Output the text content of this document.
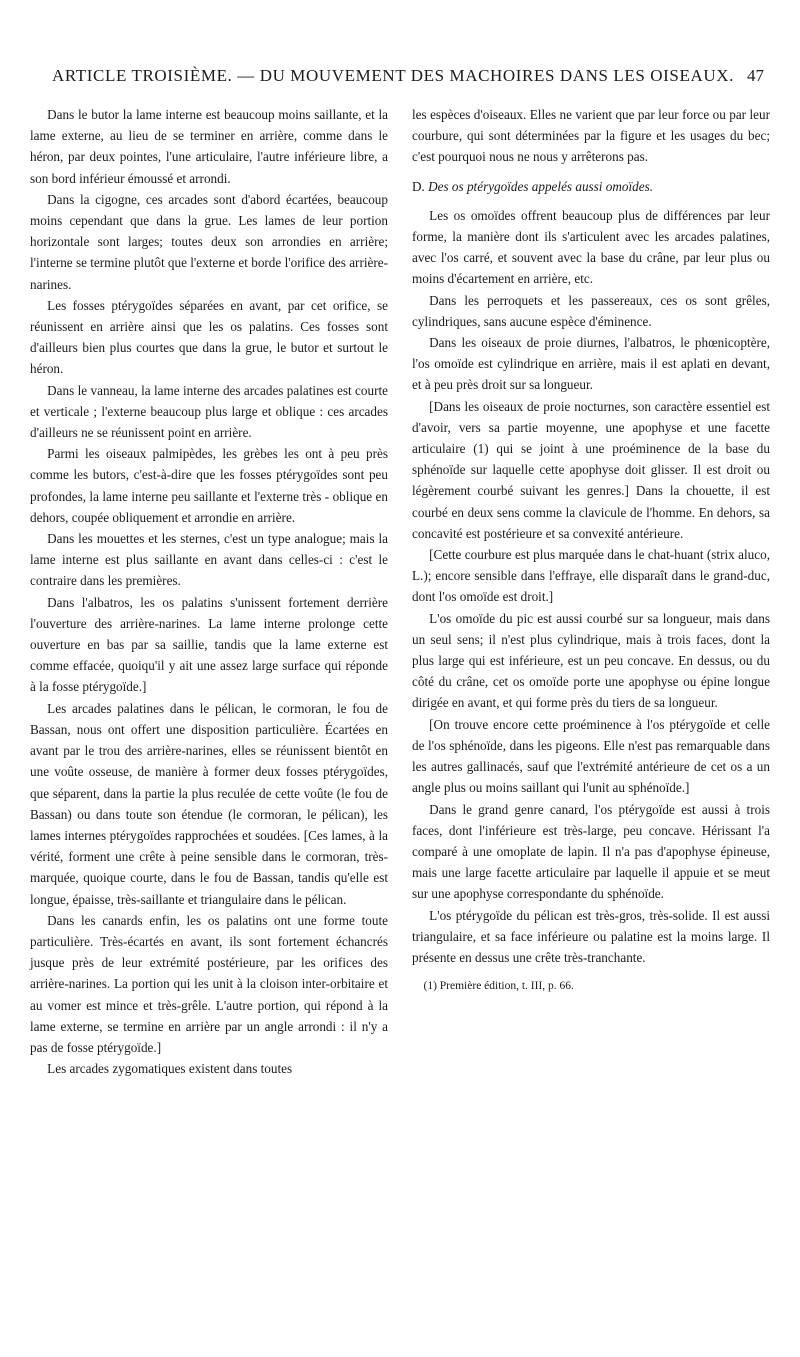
ARTICLE TROISIÈME. — DU MOUVEMENT DES MACHOIRES DANS LES OISEAUX. 47

Dans le butor la lame interne est beaucoup moins saillante, et la lame externe, au lieu de se terminer en arrière, comme dans le héron, par deux pointes, l'une articulaire, l'autre inférieure libre, a son bord inférieur émoussé et arrondi.

Dans la cigogne, ces arcades sont d'abord écartées, beaucoup moins cependant que dans la grue. Les lames de leur portion horizontale sont larges; toutes deux son arrondies en arrière; l'interne se termine plutôt que l'externe et borde l'orifice des arrière-narines.

Les fosses ptérygoïdes séparées en avant, par cet orifice, se réunissent en arrière ainsi que les os palatins. Ces fosses sont d'ailleurs bien plus courtes que dans la grue, le butor et surtout le héron.

Dans le vanneau, la lame interne des arcades palatines est courte et verticale ; l'externe beaucoup plus large et oblique : ces arcades d'ailleurs ne se réunissent point en arrière.

Parmi les oiseaux palmipèdes, les grèbes les ont à peu près comme les butors, c'est-à-dire que les fosses ptérygoïdes sont peu profondes, la lame interne peu saillante et l'externe très - oblique en dehors, coupée obliquement et arrondie en arrière.

Dans les mouettes et les sternes, c'est un type analogue; mais la lame interne est plus saillante en avant dans celles-ci : c'est le contraire dans les premières.

Dans l'albatros, les os palatins s'unissent fortement derrière l'ouverture des arrière-narines. La lame interne prolonge cette ouverture en bas par sa saillie, tandis que la lame externe est comme effacée, quoiqu'il y ait une assez large surface qui réponde à la fosse ptérygoïde.]

Les arcades palatines dans le pélican, le cormoran, le fou de Bassan, nous ont offert une disposition particulière. Écartées en avant par le trou des arrière-narines, elles se réunissent bientôt en une voûte osseuse, de manière à former deux fosses ptérygoïdes, que séparent, dans la partie la plus reculée de cette voûte (le fou de Bassan) ou dans toute son étendue (le cormoran, le pélican), les lames internes ptérygoïdes rapprochées et soudées. [Ces lames, à la vérité, forment une crête à peine sensible dans le cormoran, très-marquée, quoique courte, dans le fou de Bassan, tandis qu'elle est longue, épaisse, très-saillante et triangulaire dans le pélican.

Dans les canards enfin, les os palatins ont une forme toute particulière. Très-écartés en avant, ils sont fortement échancrés jusque près de leur extrémité postérieure, par les orifices des arrière-narines. La portion qui les unit à la cloison inter-orbitaire et au vomer est mince et très-grêle. L'autre portion, qui répond à la lame externe, se termine en arrière par un angle arrondi : il n'y a pas de fosse ptérygoïde.]

Les arcades zygomatiques existent dans toutes

les espèces d'oiseaux. Elles ne varient que par leur force ou par leur courbure, qui sont déterminées par la figure et les usages du bec; c'est pourquoi nous ne nous y arrêterons pas.

D. Des os ptérygoïdes appelés aussi omoïdes.

Les os omoïdes offrent beaucoup plus de différences par leur forme, la manière dont ils s'articulent avec les arcades palatines, avec l'os carré, et souvent avec la base du crâne, par leur plus ou moins d'écartement en arrière, etc.

Dans les perroquets et les passereaux, ces os sont grêles, cylindriques, sans aucune espèce d'éminence.

Dans les oiseaux de proie diurnes, l'albatros, le phœnicoptère, l'os omoïde est cylindrique en arrière, mais il est aplati en devant, et à peu près droit sur sa longueur.

[Dans les oiseaux de proie nocturnes, son caractère essentiel est d'avoir, vers sa partie moyenne, une apophyse et une facette articulaire (1) qui se joint à une proéminence de la base du sphénoïde sur laquelle cette apophyse doit glisser. Il est droit ou légèrement courbé suivant les genres.] Dans la chouette, il est courbé en deux sens comme la clavicule de l'homme. En dehors, sa concavité est postérieure et sa convexité antérieure.

[Cette courbure est plus marquée dans le chat-huant (strix aluco, L.); encore sensible dans l'effraye, elle disparaît dans le grand-duc, dont l'os omoïde est droit.]

L'os omoïde du pic est aussi courbé sur sa longueur, mais dans un seul sens; il n'est plus cylindrique, mais à trois faces, dont la plus large qui est inférieure, est un peu concave. En dessus, ou du côté du crâne, cet os omoïde porte une apophyse ou épine longue dirigée en avant, et qui forme près du tiers de sa longueur.

[On trouve encore cette proéminence à l'os ptérygoïde et celle de l'os sphénoïde, dans les pigeons. Elle n'est pas remarquable dans les autres gallinacés, sauf que l'extrémité antérieure de cet os a un angle plus ou moins saillant qui l'unit au sphénoïde.]

Dans le grand genre canard, l'os ptérygoïde est aussi à trois faces, dont l'inférieure est très-large, peu concave. Hérissant l'a comparé à une omoplate de lapin. Il n'a pas d'apophyse épineuse, mais une large facette articulaire par laquelle il appuie et se meut sur une apophyse correspondante du sphénoïde.

L'os ptérygoïde du pélican est très-gros, très-solide. Il est aussi triangulaire, et sa face inférieure ou palatine est la moins large. Il présente en dessus une crête très-tranchante.

(1) Première édition, t. III, p. 66.
